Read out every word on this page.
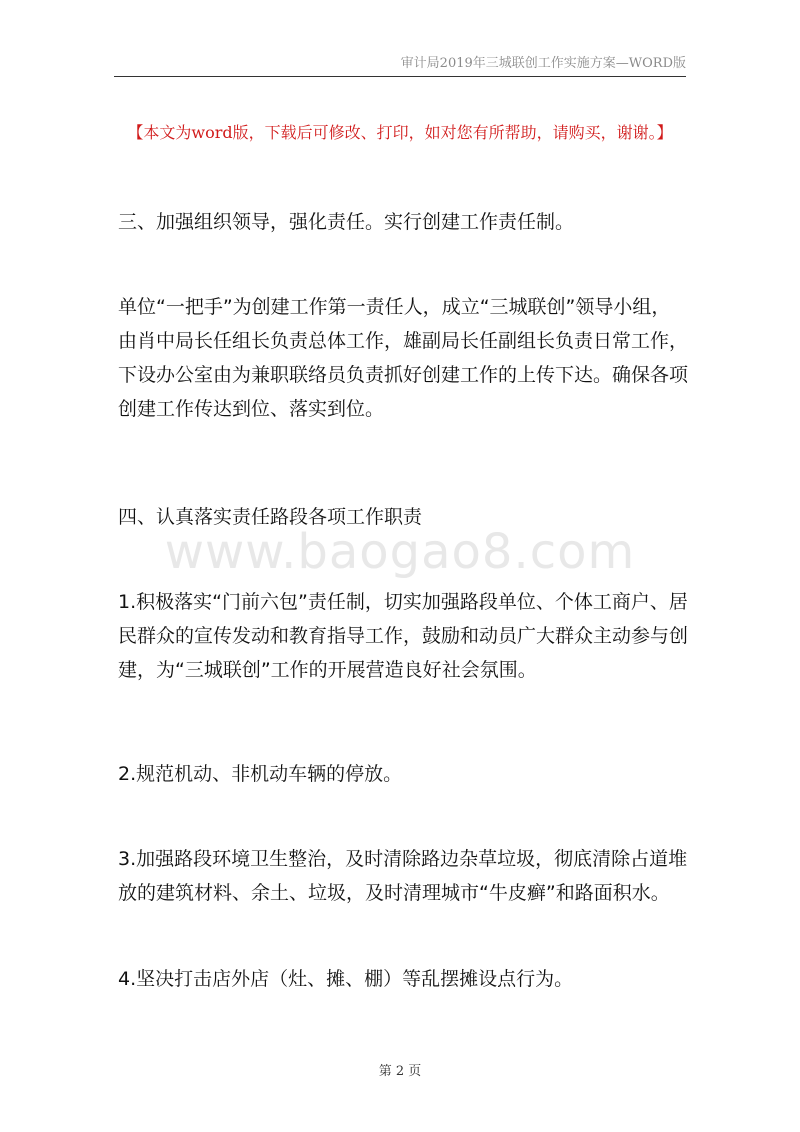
审计局2019年三城联创工作实施方案—WORD版
【本文为word版，下载后可修改、打印，如对您有所帮助，请购买，谢谢。】
www.baogao8.com

三、加强组织领导，强化责任。实行创建工作责任制。

单位“一把手”为创建工作第一责任人，成立“三城联创”领导小组，由肖中局长任组长负责总体工作，雄副局长任副组长负责日常工作，下设办公室由为兼职联络员负责抓好创建工作的上传下达。确保各项创建工作传达到位、落实到位。

四、认真落实责任路段各项工作职责

1.积极落实“门前六包”责任制，切实加强路段单位、个体工商户、居民群众的宣传发动和教育指导工作，鼓励和动员广大群众主动参与创建，为“三城联创”工作的开展营造良好社会氛围。

2.规范机动、非机动车辆的停放。

3.加强路段环境卫生整治，及时清除路边杂草垃圾，彻底清除占道堆放的建筑材料、余土、垃圾，及时清理城市“牛皮癣”和路面积水。

4.坚决打击店外店（灶、摊、棚）等乱摆摊设点行为。

第 2 页
